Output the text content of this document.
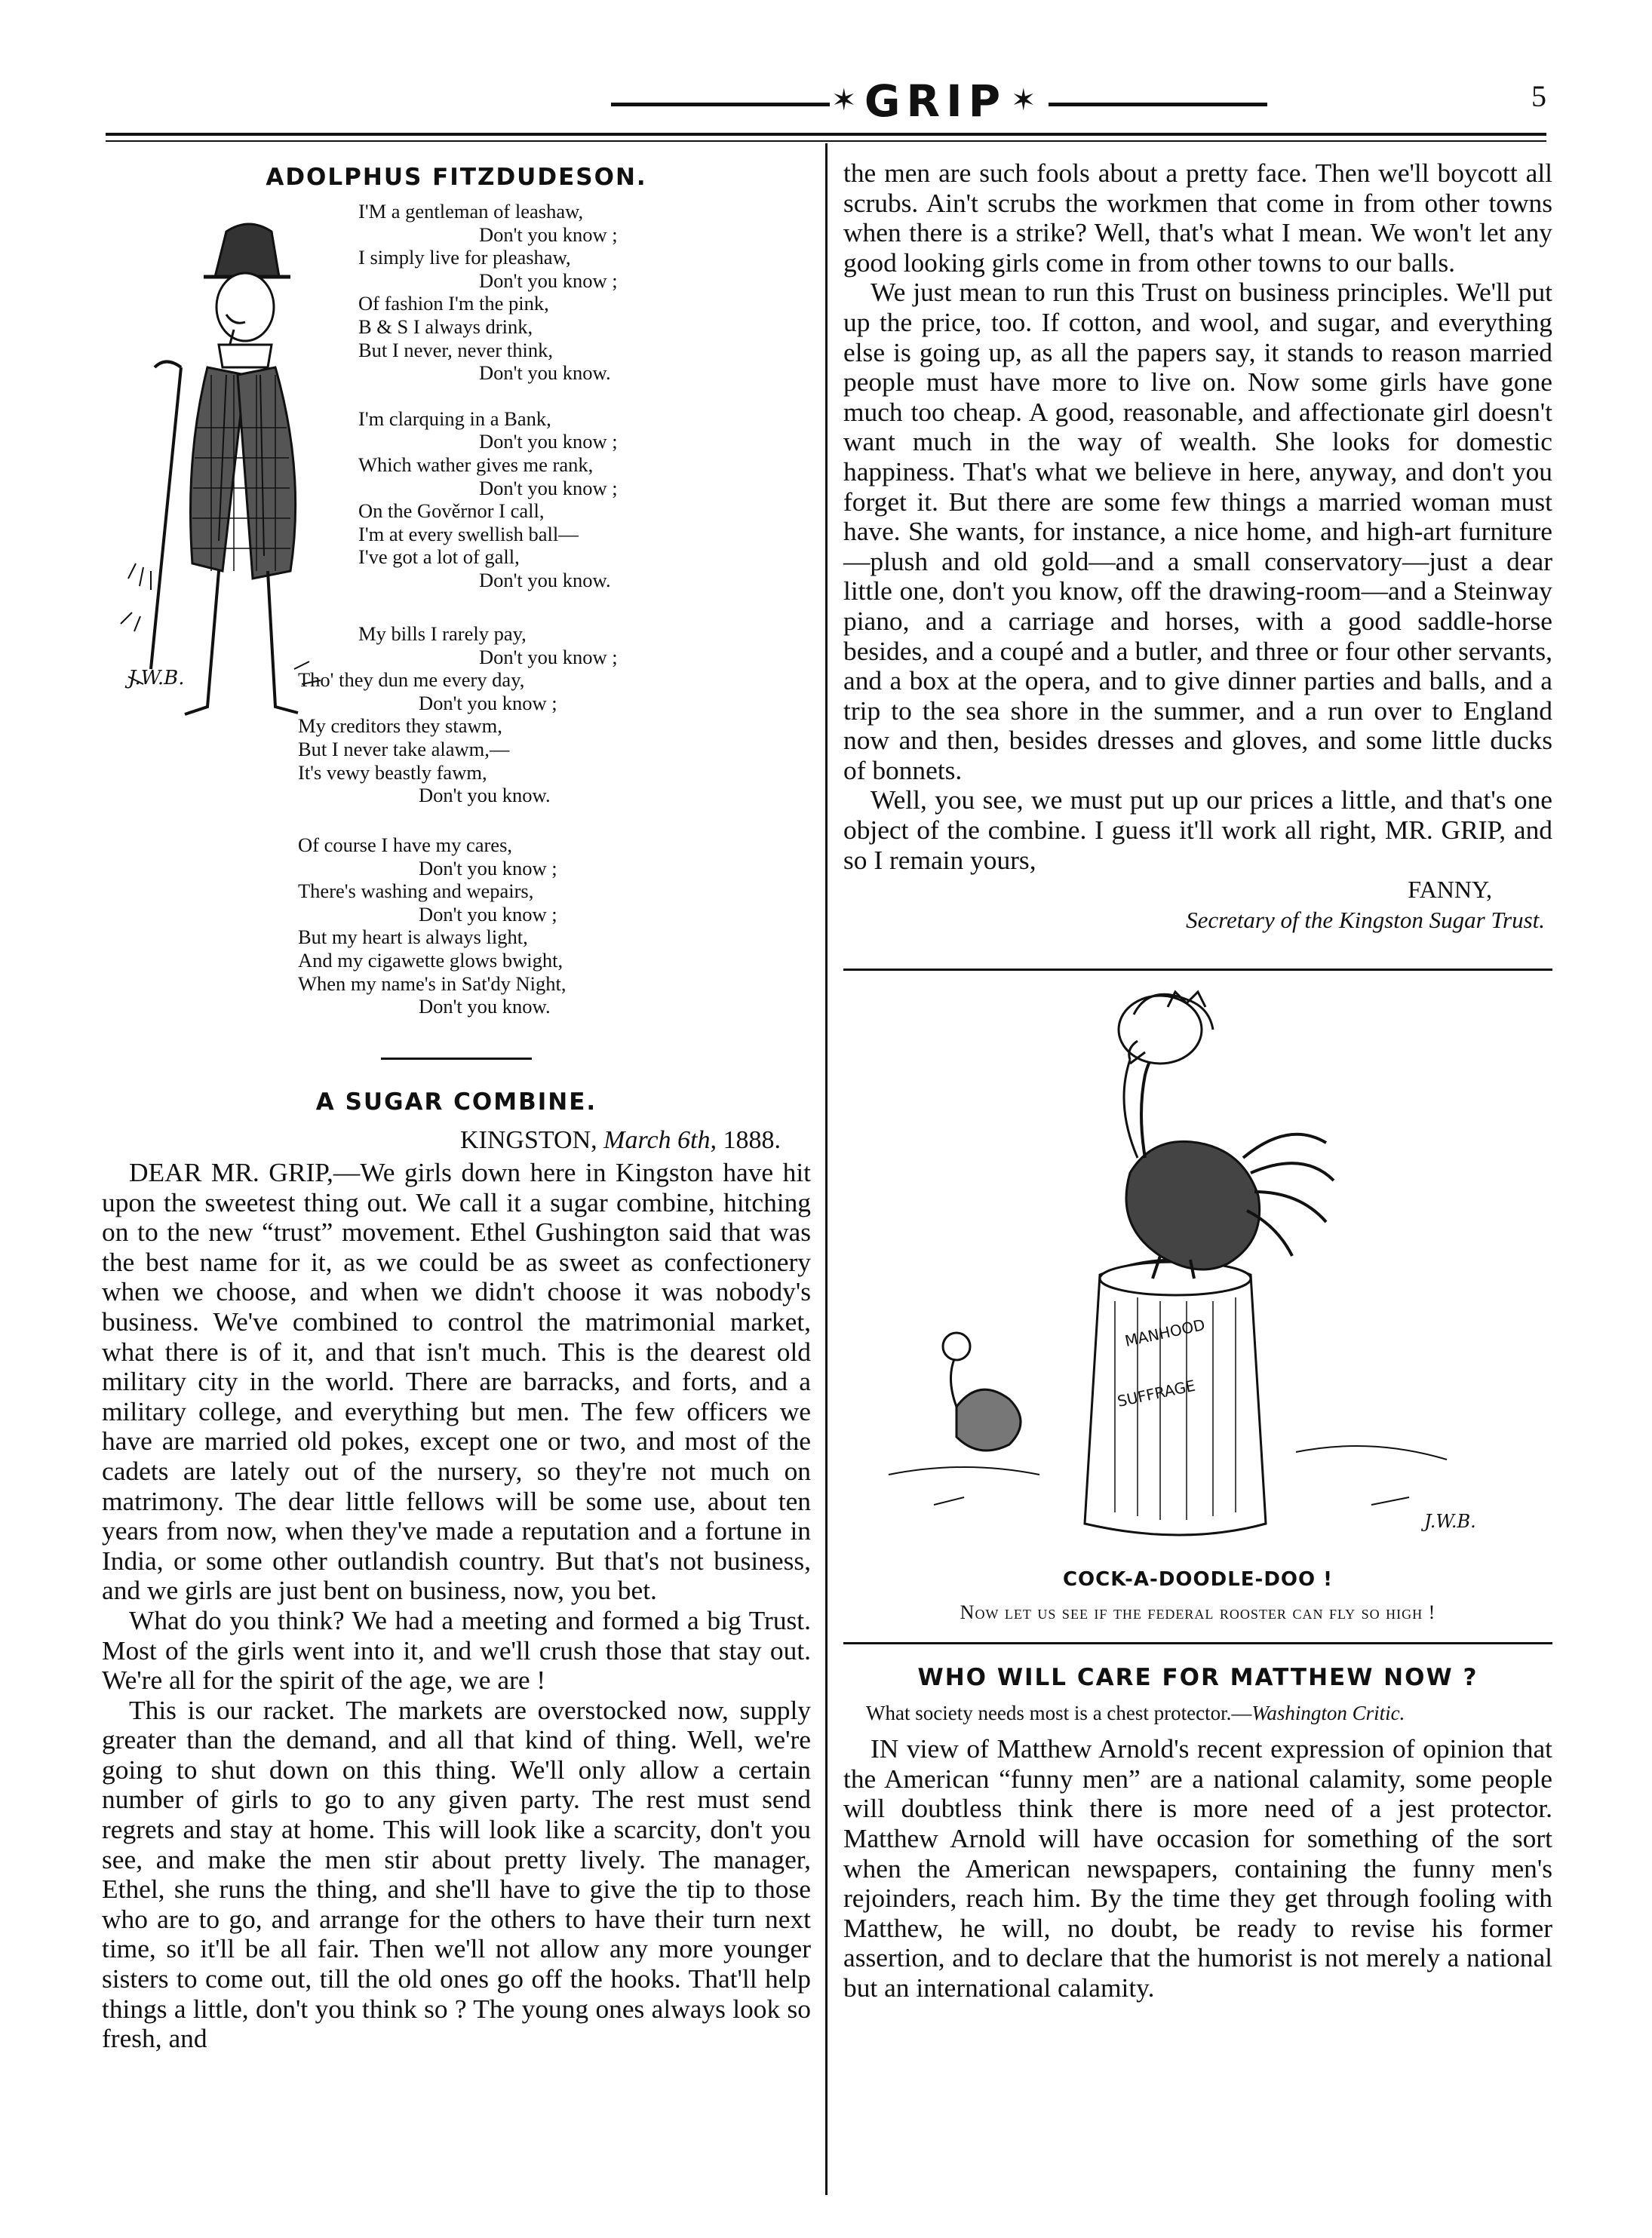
✶ GRIP ✶	5
ADOLPHUS FITZDUDESON.
J.W.B.
I'M a gentleman of leashaw,
Don't you know ;
I simply live for pleashaw,
Don't you know ;
Of fashion I'm the pink,
B & S I always drink,
But I never, never think,
Don't you know.
I'm clarquing in a Bank,
Don't you know ;
Which wather gives me rank,
Don't you know ;
On the Gověrnor I call,
I'm at every swellish ball—
I've got a lot of gall,
Don't you know.
My bills I rarely pay,
Don't you know ;
Tho' they dun me every day,
Don't you know ;
My creditors they stawm,
But I never take alawm,—
It's vewy beastly fawm,
Don't you know.
Of course I have my cares,
Don't you know ;
There's washing and wepairs,
Don't you know ;
But my heart is always light,
And my cigawette glows bwight,
When my name's in Sat'dy Night,
Don't you know.
A SUGAR COMBINE.
KINGSTON, March 6th, 1888.

DEAR MR. GRIP,—We girls down here in Kingston have hit upon the sweetest thing out. We call it a sugar combine, hitching on to the new “trust” movement. Ethel Gushington said that was the best name for it, as we could be as sweet as confectionery when we choose, and when we didn't choose it was nobody's business. We've combined to control the matrimonial market, what there is of it, and that isn't much. This is the dearest old military city in the world. There are barracks, and forts, and a military college, and everything but men. The few officers we have are married old pokes, except one or two, and most of the cadets are lately out of the nursery, so they're not much on matrimony. The dear little fellows will be some use, about ten years from now, when they've made a reputation and a fortune in India, or some other outlandish country. But that's not business, and we girls are just bent on business, now, you bet.

What do you think? We had a meeting and formed a big Trust. Most of the girls went into it, and we'll crush those that stay out. We're all for the spirit of the age, we are !

This is our racket. The markets are overstocked now, supply greater than the demand, and all that kind of thing. Well, we're going to shut down on this thing. We'll only allow a certain number of girls to go to any given party. The rest must send regrets and stay at home. This will look like a scarcity, don't you see, and make the men stir about pretty lively. The manager, Ethel, she runs the thing, and she'll have to give the tip to those who are to go, and arrange for the others to have their turn next time, so it'll be all fair. Then we'll not allow any more younger sisters to come out, till the old ones go off the hooks. That'll help things a little, don't you think so ? The young ones always look so fresh, and

the men are such fools about a pretty face. Then we'll boycott all scrubs. Ain't scrubs the workmen that come in from other towns when there is a strike? Well, that's what I mean. We won't let any good looking girls come in from other towns to our balls.

We just mean to run this Trust on business principles. We'll put up the price, too. If cotton, and wool, and sugar, and everything else is going up, as all the papers say, it stands to reason married people must have more to live on. Now some girls have gone much too cheap. A good, reasonable, and affectionate girl doesn't want much in the way of wealth. She looks for domestic happiness. That's what we believe in here, anyway, and don't you forget it. But there are some few things a married woman must have. She wants, for instance, a nice home, and high-art furniture—plush and old gold—and a small conservatory—just a dear little one, don't you know, off the drawing-room—and a Steinway piano, and a carriage and horses, with a good saddle-horse besides, and a coupé and a butler, and three or four other servants, and a box at the opera, and to give dinner parties and balls, and a trip to the sea shore in the summer, and a run over to England now and then, besides dresses and gloves, and some little ducks of bonnets.

Well, you see, we must put up our prices a little, and that's one object of the combine. I guess it'll work all right, MR. GRIP, and so I remain yours,

FANNY,
Secretary of the Kingston Sugar Trust.
MANHOOD
SUFFRAGE
J.W.B.
COCK-A-DOODLE-DOO !
Now let us see if the federal rooster can fly so high !
WHO WILL CARE FOR MATTHEW NOW ?
What society needs most is a chest protector.—Washington Critic.

IN view of Matthew Arnold's recent expression of opinion that the American “funny men” are a national calamity, some people will doubtless think there is more need of a jest protector. Matthew Arnold will have occasion for something of the sort when the American newspapers, containing the funny men's rejoinders, reach him. By the time they get through fooling with Matthew, he will, no doubt, be ready to revise his former assertion, and to declare that the humorist is not merely a national but an international calamity.
